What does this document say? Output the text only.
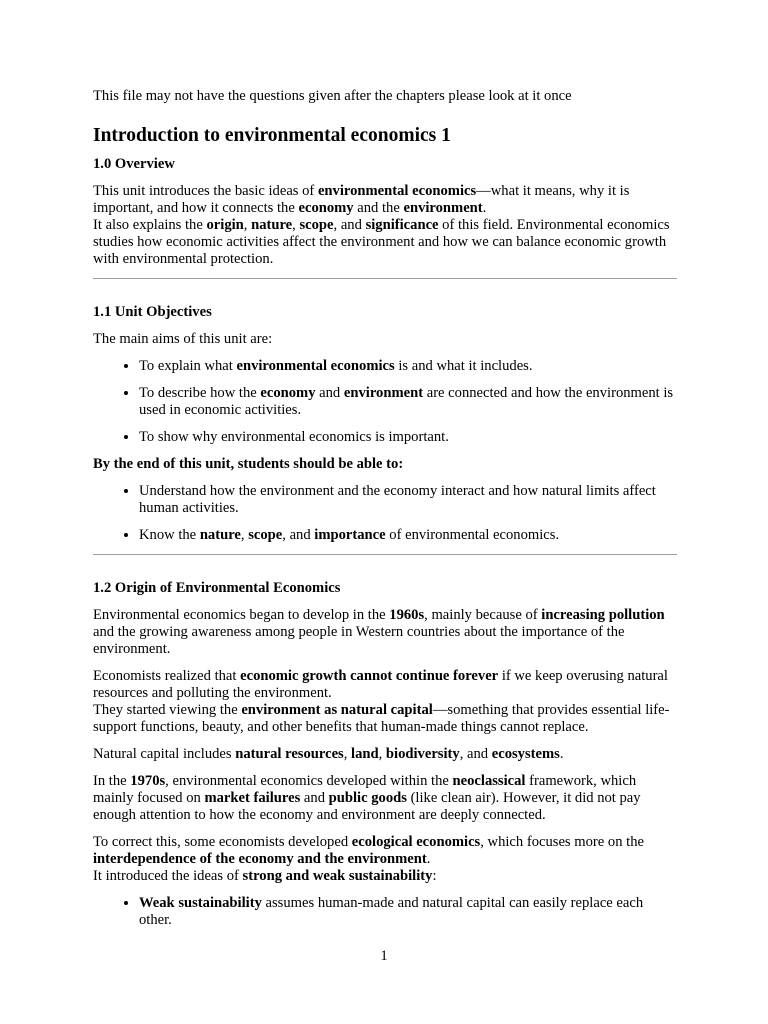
This file may not have the questions given after the chapters please look at it once

Introduction to environmental economics 1
1.0 Overview

This unit introduces the basic ideas of environmental economics—what it means, why it is important, and how it connects the economy and the environment.

It also explains the origin, nature, scope, and significance of this field. Environmental economics studies how economic activities affect the environment and how we can balance economic growth with environmental protection.

1.1 Unit Objectives

The main aims of this unit are:

• To explain what environmental economics is and what it includes.
• To describe how the economy and environment are connected and how the environment is used in economic activities.
• To show why environmental economics is important.

By the end of this unit, students should be able to:

• Understand how the environment and the economy interact and how natural limits affect human activities.
• Know the nature, scope, and importance of environmental economics.
1.2 Origin of Environmental Economics

Environmental economics began to develop in the 1960s, mainly because of increasing pollution and the growing awareness among people in Western countries about the importance of the environment.

Economists realized that economic growth cannot continue forever if we keep overusing natural resources and polluting the environment.

They started viewing the environment as natural capital—something that provides essential life-support functions, beauty, and other benefits that human-made things cannot replace.

Natural capital includes natural resources, land, biodiversity, and ecosystems.

In the 1970s, environmental economics developed within the neoclassical framework, which mainly focused on market failures and public goods (like clean air). However, it did not pay enough attention to how the economy and environment are deeply connected.

To correct this, some economists developed ecological economics, which focuses more on the interdependence of the economy and the environment.

It introduced the ideas of strong and weak sustainability:

• Weak sustainability assumes human-made and natural capital can easily replace each other.
1
